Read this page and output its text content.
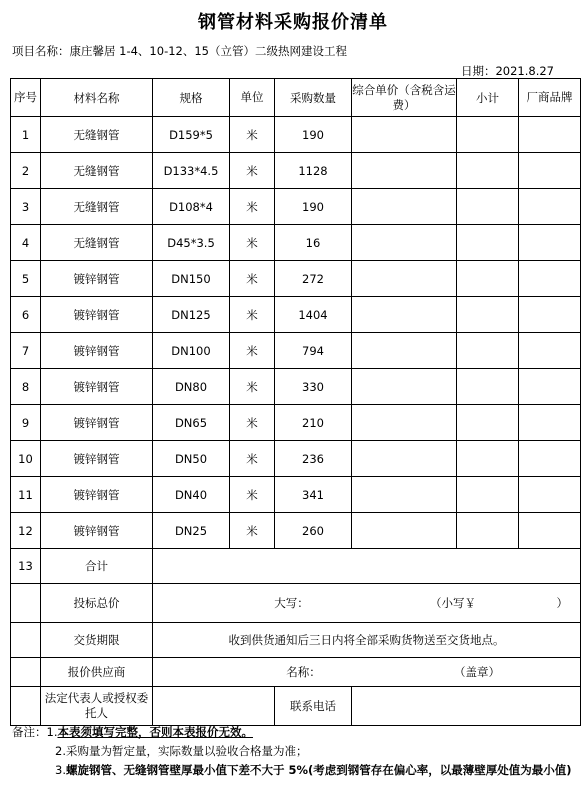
钢管材料采购报价清单
项目名称：康庄馨居 1-4、10-12、15（立管）二级热网建设工程
日期：2021.8.27
序号	材料名称	规格	单位	采购数量	综合单价（含税含运费）	小计	厂商品牌
1	无缝钢管	D159*5	米	190			
2	无缝钢管	D133*4.5	米	1128			
3	无缝钢管	D108*4	米	190			
4	无缝钢管	D45*3.5	米	16			
5	镀锌钢管	DN150	米	272			
6	镀锌钢管	DN125	米	1404			
7	镀锌钢管	DN100	米	794			
8	镀锌钢管	DN80	米	330			
9	镀锌钢管	DN65	米	210			
10	镀锌钢管	DN50	米	236			
11	镀锌钢管	DN40	米	341			
12	镀锌钢管	DN25	米	260			
13	合计						
	投标总价	大写： （小写￥　　　　　　　）					

	交货期限	收到供货通知后三日内将全部采购货物送至交货地点。					
	报价供应商	名称： （盖章）					

	法定代表人或授权委托人			联系电话			
备注：1.本表须填写完整，否则本表报价无效。
2.采购量为暂定量，实际数量以验收合格量为准；
3.螺旋钢管、无缝钢管壁厚最小值下差不大于 5%(考虑到钢管存在偏心率，以最薄壁厚处值为最小值)
